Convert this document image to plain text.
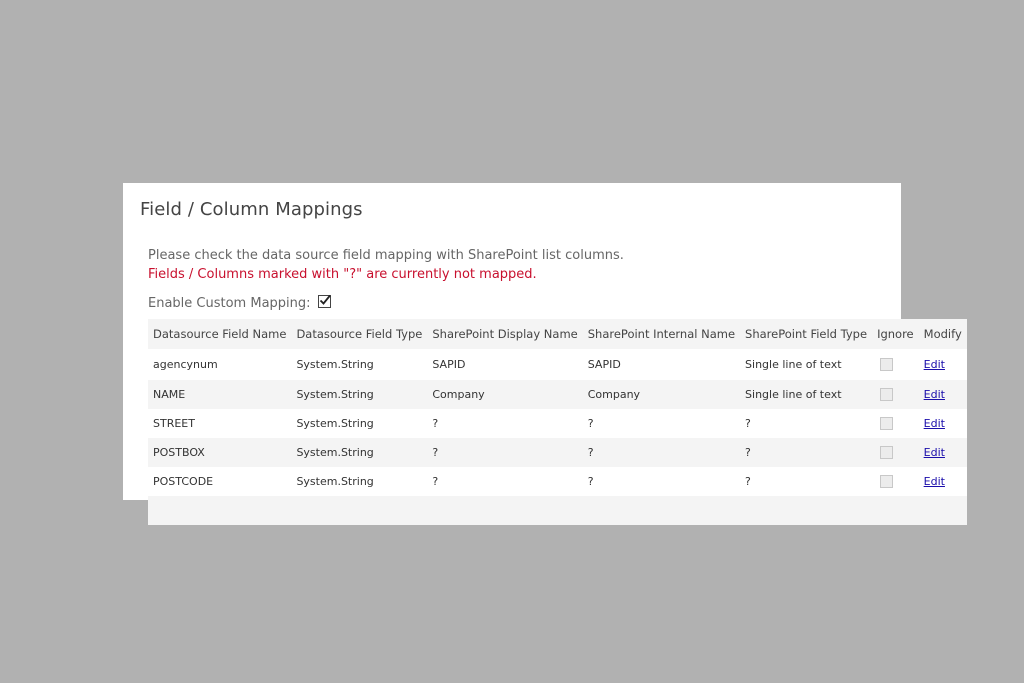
Field / Column Mappings
Please check the data source field mapping with SharePoint list columns.
Fields / Columns marked with "?" are currently not mapped.
Enable Custom Mapping:
Datasource Field Name	Datasource Field Type	SharePoint Display Name	SharePoint Internal Name	SharePoint Field Type	Ignore	Modify
agencynum	System.String	SAPID	SAPID	Single line of text		Edit
NAME	System.String	Company	Company	Single line of text		Edit
STREET	System.String	?	?	?		Edit
POSTBOX	System.String	?	?	?		Edit
POSTCODE	System.String	?	?	?		Edit
